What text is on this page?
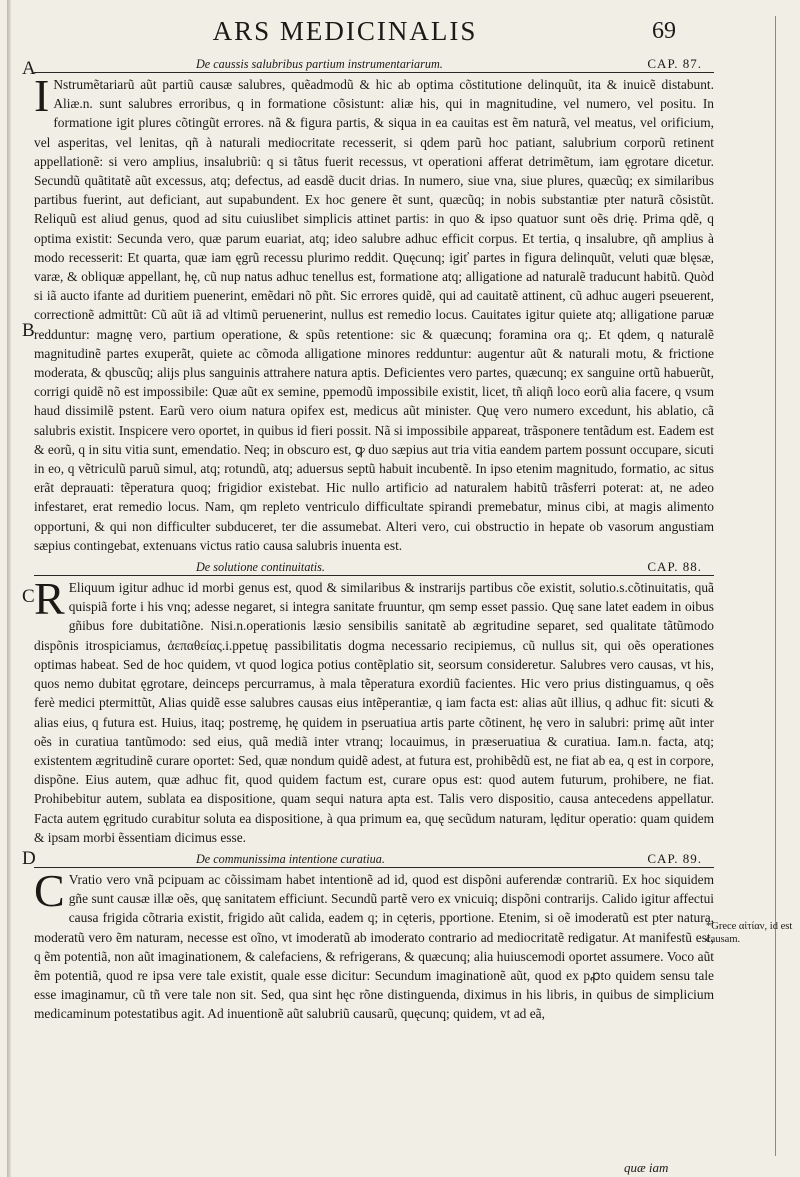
ARS MEDICINALIS	69
A
B
C
D
De caussis salubribus partium instrumentariarum.	CAP. 87.

I Nstrumẽtariarũ aũt partiũ causæ salubres, quẽadmodũ & hic ab optima cõstitutione delinquũt, ita & inuicẽ distabunt. Aliæ.n. sunt salubres erroribus, q in formatione cõsistunt: aliæ his, qui in magnitudine, vel numero, vel positu. In formatione igit plures cõtingũt errores. nã & figura partis, & siqua in ea cauitas est ẽm naturã, vel meatus, vel orificium, vel asperitas, vel lenitas, qñ à naturali mediocritate recesserit, si qdem parũ hoc patiant, salubrium corporũ retinent appellationẽ: si vero amplius, insalubriũ: q si tãtus fuerit recessus, vt operationi afferat detrimẽtum, iam ęgrotare dicetur. Secundũ quãtitatẽ aũt excessus, atq; defectus, ad easdẽ ducit drias. In numero, siue vna, siue plures, quæcũq; ex similaribus partibus fuerint, aut deficiant, aut supabundent. Ex hoc genere ẽt sunt, quæcũq; in nobis substantiæ pter naturã cõsistũt. Reliquũ est aliud genus, quod ad situ cuiuslibet simplicis attinet partis: in quo & ipso quatuor sunt oẽs drię. Prima qdẽ, q optima existit: Secunda vero, quæ parum euariat, atq; ideo salubre adhuc efficit corpus. Et tertia, q insalubre, qñ amplius à modo recesserit: Et quarta, quæ iam ęgrũ recessu plurimo reddit. Quęcunq; igiť partes in figura delinquũt, veluti quæ blęsæ, varæ, & obliquæ appellant, hę, cũ nup natus adhuc tenellus est, formatione atq; alligatione ad naturalẽ traducunt habitũ. Quòd si iã aucto ifante ad duritiem puenerint, emẽdari nõ pñt. Sic errores quidẽ, qui ad cauitatẽ attinent, cũ adhuc augeri pseuerent, correctionẽ admittũt: Cũ aũt iã ad vltimũ peruenerint, nullus est remedio locus. Cauitates igitur quiete atq; alligatione paruæ redduntur: magnę vero, partium operatione, & spũs retentione: sic & quæcunq; foramina ora q;. Et qdem, q naturalẽ magnitudinẽ partes exuperãt, quiete ac cõmoda alligatione minores redduntur: augentur aũt & naturali motu, & frictione moderata, & qbuscũq; alijs plus sanguinis attrahere natura aptis. Deficientes vero partes, quæcunq; ex sanguine ortũ habuerũt, corrigi quidẽ nõ est impossibile: Quæ aũt ex semine, ppemodũ impossibile existit, licet, tñ aliqñ loco eorũ alia facere, q vsum haud dissimilẽ pstent. Earũ vero oium natura opifex est, medicus aũt minister. Quę vero numero excedunt, his ablatio, cã salubris existit. Inspicere vero oportet, in quibus id fieri possit. Nã si impossibile appareat, trãsponere tentãdum est. Eadem est & eorũ, q in situ vitia sunt, emendatio. Neq; in obscuro est, ꝙ duo sæpius aut tria vitia eandem partem possunt occupare, sicuti in eo, q vẽtriculũ paruũ simul, atq; rotundũ, atq; aduersus septũ habuit incubentẽ. In ipso etenim magnitudo, formatio, ac situs erãt deprauati: tẽperatura quoq; frigidior existebat. Hic nullo artificio ad naturalem habitũ trãsferri poterat: at, ne adeo infestaret, erat remedio locus. Nam, qm repleto ventriculo difficultate spirandi premebatur, minus cibi, at magis alimento opportuni, & qui non difficulter subduceret, ter die assumebat. Alteri vero, cui obstructio in hepate ob vasorum angustiam sæpius contingebat, extenuans victus ratio causa salubris inuenta est.

De solutione continuitatis.	CAP. 88.

R Eliquum igitur adhuc id morbi genus est, quod & similaribus & instrarijs partibus cõe existit, solutio.s.cõtinuitatis, quã quispiã forte i his vnq; adesse negaret, si integra sanitate fruuntur, qm semp esset passio. Quę sane latet eadem in oibus gñibus fore dubitatiõne. Nisi.n.operationis læsio sensibilis sanitatẽ ab ægritudine separet, sed qualitate tãtũmodo dispõnis itrospiciamus, ἀεπαθείας.i.ppetuę passibilitatis dogma necessario recipiemus, cũ nullus sit, qui oẽs operationes optimas habeat. Sed de hoc quidem, vt quod logica potius contẽplatio sit, seorsum consideretur. Salubres vero causas, vt his, quos nemo dubitat ęgrotare, deinceps percurramus, à mala tẽperatura exordiũ facientes. Hic vero prius distinguamus, q oẽs ferè medici ptermittũt, Alias quidẽ esse salubres causas eius intẽperantiæ, q iam facta est: alias aũt illius, q adhuc fit: sicuti & alias eius, q futura est. Huius, itaq; postremę, hę quidem in pseruatiua artis parte cõtinent, hę vero in salubri: primę aũt inter oẽs in curatiua tantũmodo: sed eius, quã mediã inter vtranq; locauimus, in præseruatiua & curatiua. Iam.n. facta, atq; existentem ægritudinẽ curare oportet: Sed, quæ nondum quidẽ adest, at futura est, prohibẽdũ est, ne fiat ab ea, q est in corpore, dispõne. Eius autem, quæ adhuc fit, quod quidem factum est, curare opus est: quod autem futurum, prohibere, ne fiat. Prohibebitur autem, sublata ea dispositione, quam sequi natura apta est. Talis vero dispositio, causa antecedens appellatur. Facta autem ęgritudo curabitur soluta ea dispositione, à qua primum ea, quę secũdum naturam, lęditur operatio: quam quidem & ipsam morbi ẽssentiam dicimus esse.

De communissima intentione curatiua.	CAP. 89.

C Vratio vero vnã pcipuam ac cõissimam habet intentionẽ ad id, quod est dispõni auferendæ contrariũ. Ex hoc siquidem gñe sunt causæ illæ oẽs, quę sanitatem efficiunt. Secundũ partẽ vero ex vnicuiq; dispõni contrarijs. Calido igitur affectui causa frigida cõtraria existit, frigido aũt calida, eadem q; in cęteris, pportione. Etenim, si oẽ imoderatũ est pter natura, moderatũ vero ẽm naturam, necesse est oĩno, vt imoderatũ ab imoderato contrario ad mediocritatẽ redigatur. At manifestũ est, q ẽm potentiã, non aũt imaginationem, & calefaciens, & refrigerans, & quæcunq; alia huiuscemodi oportet assumere. Voco aũt ẽm potentiã, quod re ipsa vere tale existit, quale esse dicitur: Secundum imaginationẽ aũt, quod ex pꝓto quidem sensu tale esse imaginamur, cũ tñ vere tale non sit. Sed, qua sint hęc rõne distinguenda, diximus in his libris, in quibus de simplicium medicaminum potestatibus agit. Ad inuentionẽ aũt salubriũ causarũ, quęcunq; quidem, vt ad eã,

*Grece αἰτίαν, id est causam.
quæ iam
